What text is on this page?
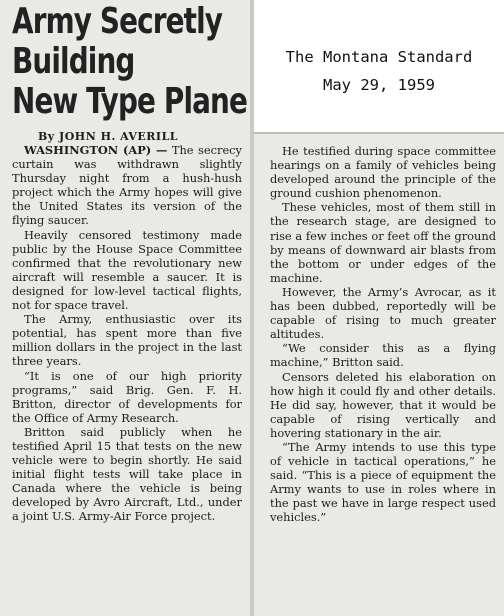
Army Secretly
Building
New Type Plane
By JOHN H. AVERILL

WASHINGTON (AP) — The secrecy curtain was withdrawn slightly Thursday night from a hush-hush project which the Army hopes will give the United States its version of the flying saucer.

Heavily censored testimony made public by the House Space Committee confirmed that the revolutionary new aircraft will resemble a saucer. It is designed for low-level tactical flights, not for space travel.

The Army, enthusiastic over its potential, has spent more than five million dollars in the project in the last three years.

“It is one of our high priority programs,” said Brig. Gen. F. H. Britton, director of developments for the Office of Army Research.

Britton said publicly when he testified April 15 that tests on the new vehicle were to begin shortly. He said initial flight tests will take place in Canada where the vehicle is being developed by Avro Aircraft, Ltd., under a joint U.S. Army-Air Force project.

The Montana Standard
May 29, 1959

He testified during space committee hearings on a family of vehicles being developed around the principle of the ground cushion phenomenon.

These vehicles, most of them still in the research stage, are designed to rise a few inches or feet off the ground by means of downward air blasts from the bottom or under edges of the machine.

However, the Army’s Avrocar, as it has been dubbed, reportedly will be capable of rising to much greater altitudes.

“We consider this as a flying machine,” Britton said.

Censors deleted his elaboration on how high it could fly and other details. He did say, however, that it would be capable of rising vertically and hovering stationary in the air.

“The Army intends to use this type of vehicle in tactical operations,” he said. “This is a piece of equipment the Army wants to use in roles where in the past we have in large respect used vehicles.”
